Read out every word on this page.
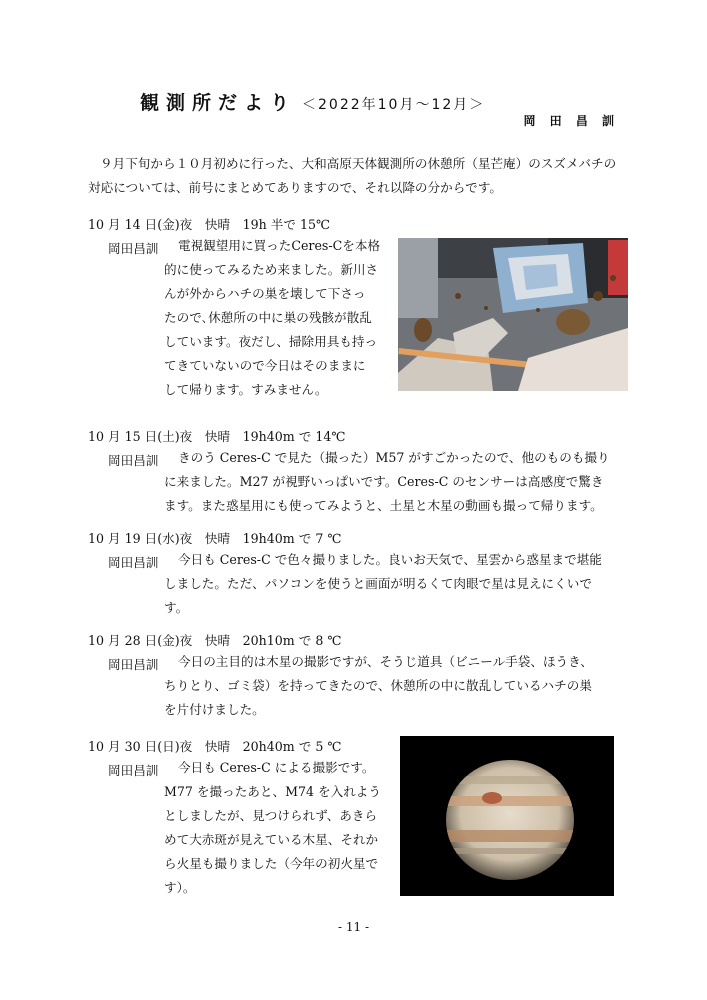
観測所だより ＜2022年10月～12月＞
岡 田 昌 訓
９月下旬から１０月初めに行った、大和高原天体観測所の休憩所（星芒庵）のスズメバチの対応については、前号にまとめてありますので、それ以降の分からです。
10 月 14 日(金)夜　快晴　19h 半で 15℃
岡田昌訓 電視観望用に買ったCeres-Cを本格
的に使ってみるため来ました。新川さ
んが外からハチの巣を壊して下さっ
たので､休憩所の中に巣の残骸が散乱
しています。夜だし、掃除用具も持っ
てきていないので今日はそのままに
して帰ります。すみません。
10 月 15 日(土)夜　快晴　19h40m で 14℃
岡田昌訓 きのう Ceres-C で見た（撮った）M57 がすごかったので、他のものも撮り
に来ました。M27 が視野いっぱいです。Ceres-C のセンサーは高感度で驚き
ます。また惑星用にも使ってみようと、土星と木星の動画も撮って帰ります。
10 月 19 日(水)夜　快晴　19h40m で 7 ℃
岡田昌訓 今日も Ceres-C で色々撮りました。良いお天気で、星雲から惑星まで堪能
しました。ただ、パソコンを使うと画面が明るくて肉眼で星は見えにくいで
す。
10 月 28 日(金)夜　快晴　20h10m で 8 ℃
岡田昌訓 今日の主目的は木星の撮影ですが、そうじ道具（ビニール手袋、ほうき、
ちりとり、ゴミ袋）を持ってきたので、休憩所の中に散乱しているハチの巣
を片付けました。
10 月 30 日(日)夜　快晴　20h40m で 5 ℃
岡田昌訓 今日も Ceres-C による撮影です。
M77 を撮ったあと、M74 を入れよう
としましたが、見つけられず、あきら
めて大赤斑が見えている木星、それか
ら火星も撮りました（今年の初火星で
す）。
- 11 -
